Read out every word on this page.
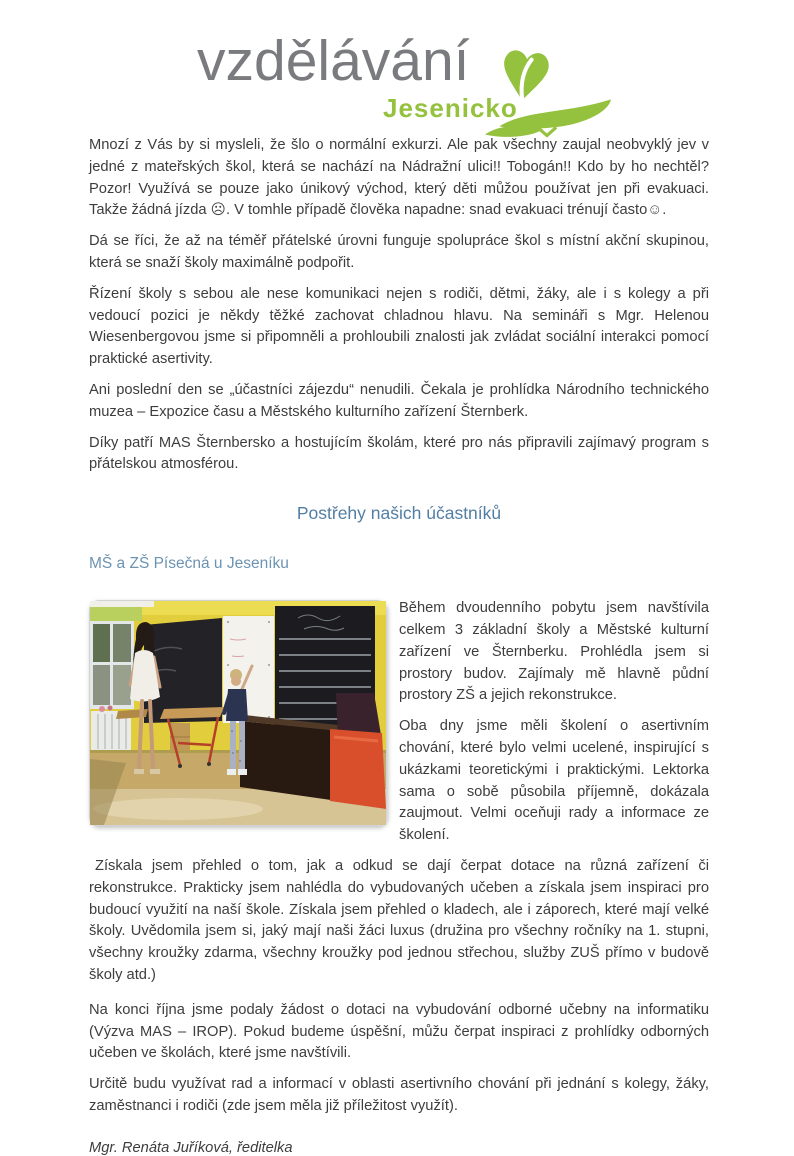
vzdělávání
Jesenicko

Mnozí z Vás by si mysleli, že šlo o normální exkurzi. Ale pak všechny zaujal neobvyklý jev v jedné z mateřských škol, která se nachází na Nádražní ulici!! Tobogán!! Kdo by ho nechtěl? Pozor! Využívá se pouze jako únikový východ, který děti můžou používat jen při evakuaci. Takže žádná jízda ☹. V tomhle případě člověka napadne: snad evakuaci trénují často☺.

Dá se říci, že až na téměř přátelské úrovni funguje spolupráce škol s místní akční skupinou, která se snaží školy maximálně podpořit.

Řízení školy s sebou ale nese komunikaci nejen s rodiči, dětmi, žáky, ale i s kolegy a při vedoucí pozici je někdy těžké zachovat chladnou hlavu. Na semináři s Mgr. Helenou Wiesenbergovou jsme si připomněli a prohloubili znalosti jak zvládat sociální interakci pomocí praktické asertivity.

Ani poslední den se „účastníci zájezdu“ nenudili. Čekala je prohlídka Národního technického muzea – Expozice času a Městského kulturního zařízení Šternberk.

Díky patří MAS Šternbersko a hostujícím školám, které pro nás připravili zajímavý program s přátelskou atmosférou.

Postřehy našich účastníků
MŠ a ZŠ Písečná u Jeseníku

Během dvoudenního pobytu jsem navštívila celkem 3 základní školy a Městské kulturní zařízení ve Šternberku. Prohlédla jsem si prostory budov. Zajímaly mě hlavně půdní prostory ZŠ a jejich rekonstrukce.

Oba dny jsme měli školení o asertivním chování, které bylo velmi ucelené, inspirující s ukázkami teoretickými i praktickými. Lektorka sama o sobě působila příjemně, dokázala zaujmout. Velmi oceňuji rady a informace ze školení.

Získala jsem přehled o tom, jak a odkud se dají čerpat dotace na různá zařízení či rekonstrukce. Prakticky jsem nahlédla do vybudovaných učeben a získala jsem inspiraci pro budoucí využití na naší škole. Získala jsem přehled o kladech, ale i záporech, které mají velké školy. Uvědomila jsem si, jaký mají naši žáci luxus (družina pro všechny ročníky na 1. stupni, všechny kroužky zdarma, všechny kroužky pod jednou střechou, služby ZUŠ přímo v budově školy atd.)

Na konci října jsme podaly žádost o dotaci na vybudování odborné učebny na informatiku (Výzva MAS – IROP). Pokud budeme úspěšní, můžu čerpat inspiraci z prohlídky odborných učeben ve školách, které jsme navštívili.

Určitě budu využívat rad a informací v oblasti asertivního chování při jednání s kolegy, žáky, zaměstnanci i rodiči (zde jsem měla již příležitost využít).

Mgr. Renáta Juříková, ředitelka
